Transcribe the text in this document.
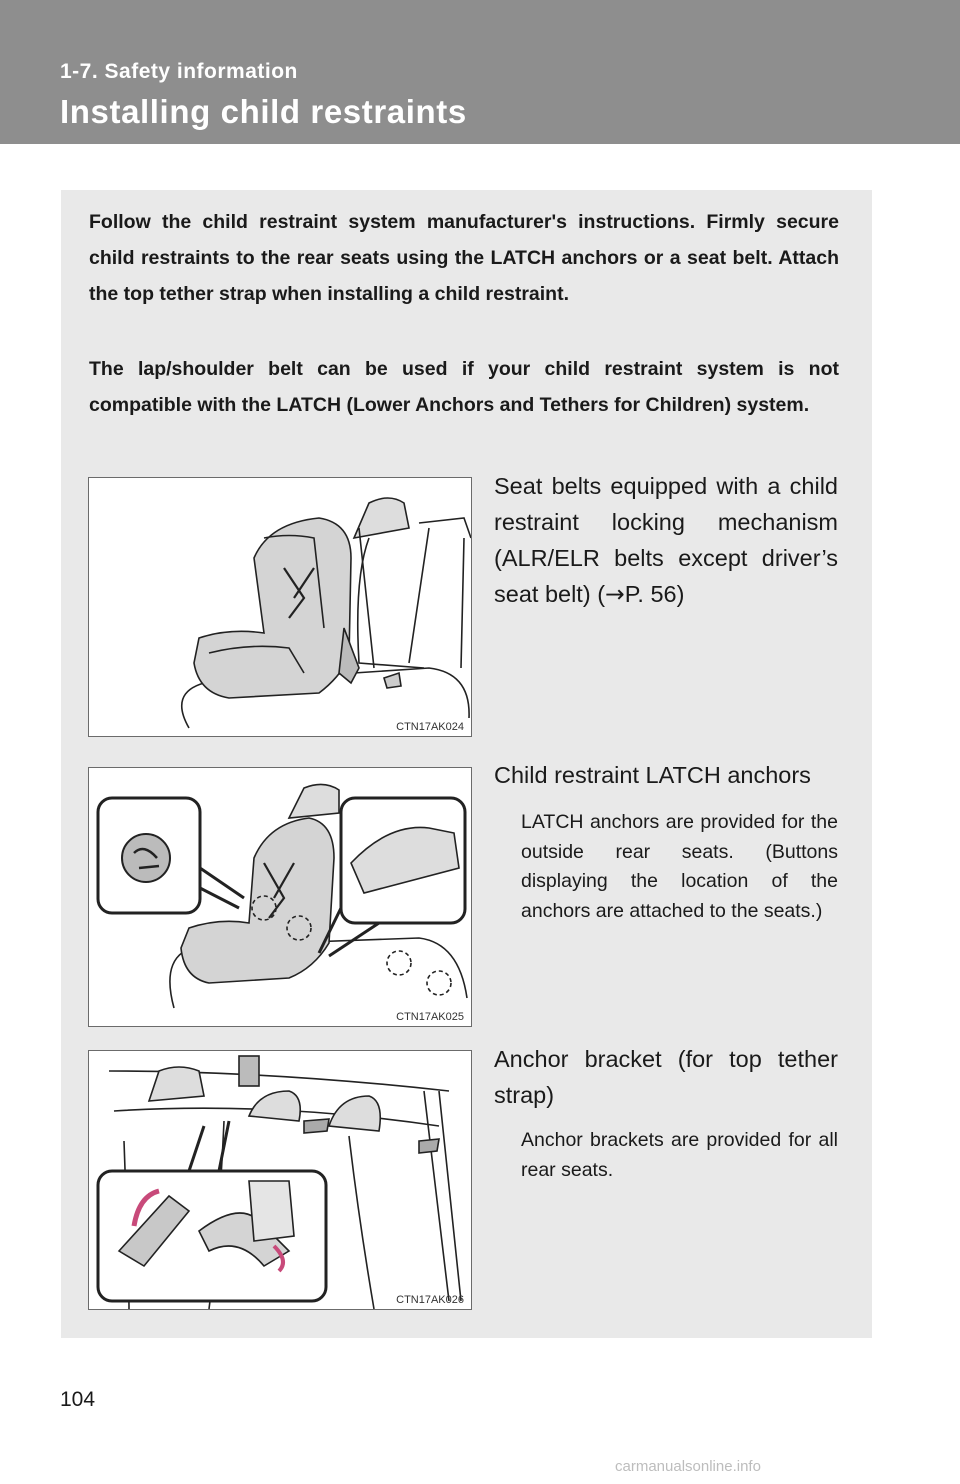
1-7. Safety information
Installing child restraints

Follow the child restraint system manufacturer's instructions. Firmly secure child restraints to the rear seats using the LATCH anchors or a seat belt. Attach the top tether strap when installing a child restraint.

The lap/shoulder belt can be used if your child restraint system is not compatible with the LATCH (Lower Anchors and Tethers for Children) system.

CTN17AK024

Seat belts equipped with a child restraint locking mechanism (ALR/ELR belts except driver’s seat belt) (→P. 56)

CTN17AK025

Child restraint LATCH anchors

LATCH anchors are provided for the outside rear seats. (Buttons displaying the location of the anchors are attached to the seats.)

CTN17AK026

Anchor bracket (for top tether strap)

Anchor brackets are provided for all rear seats.

104
carmanualsonline.info
